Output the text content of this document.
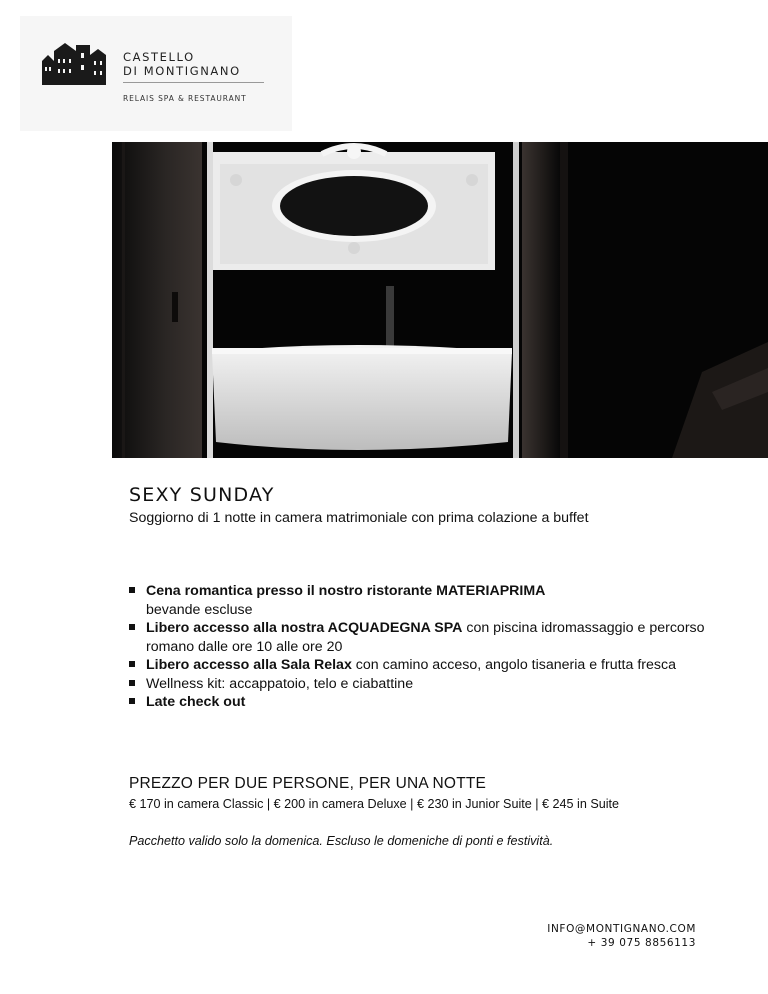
CASTELLO
DI MONTIGNANO
RELAIS SPA & RESTAURANT
SEXY SUNDAY
Soggiorno di 1 notte in camera matrimoniale con prima colazione a buffet
Cena romantica presso il nostro ristorante MATERIAPRIMA
bevande escluse
Libero accesso alla nostra ACQUADEGNA SPA con piscina idromassaggio e percorso romano dalle ore 10 alle ore 20
Libero accesso alla Sala Relax con camino acceso, angolo tisaneria e frutta fresca
Wellness kit: accappatoio, telo e ciabattine
Late check out
PREZZO PER DUE PERSONE, PER UNA NOTTE
€ 170 in camera Classic | € 200 in camera Deluxe | € 230 in Junior Suite | € 245 in Suite
Pacchetto valido solo la domenica. Escluso le domeniche di ponti e festività.
INFO@MONTIGNANO.COM
+ 39 075 8856113
